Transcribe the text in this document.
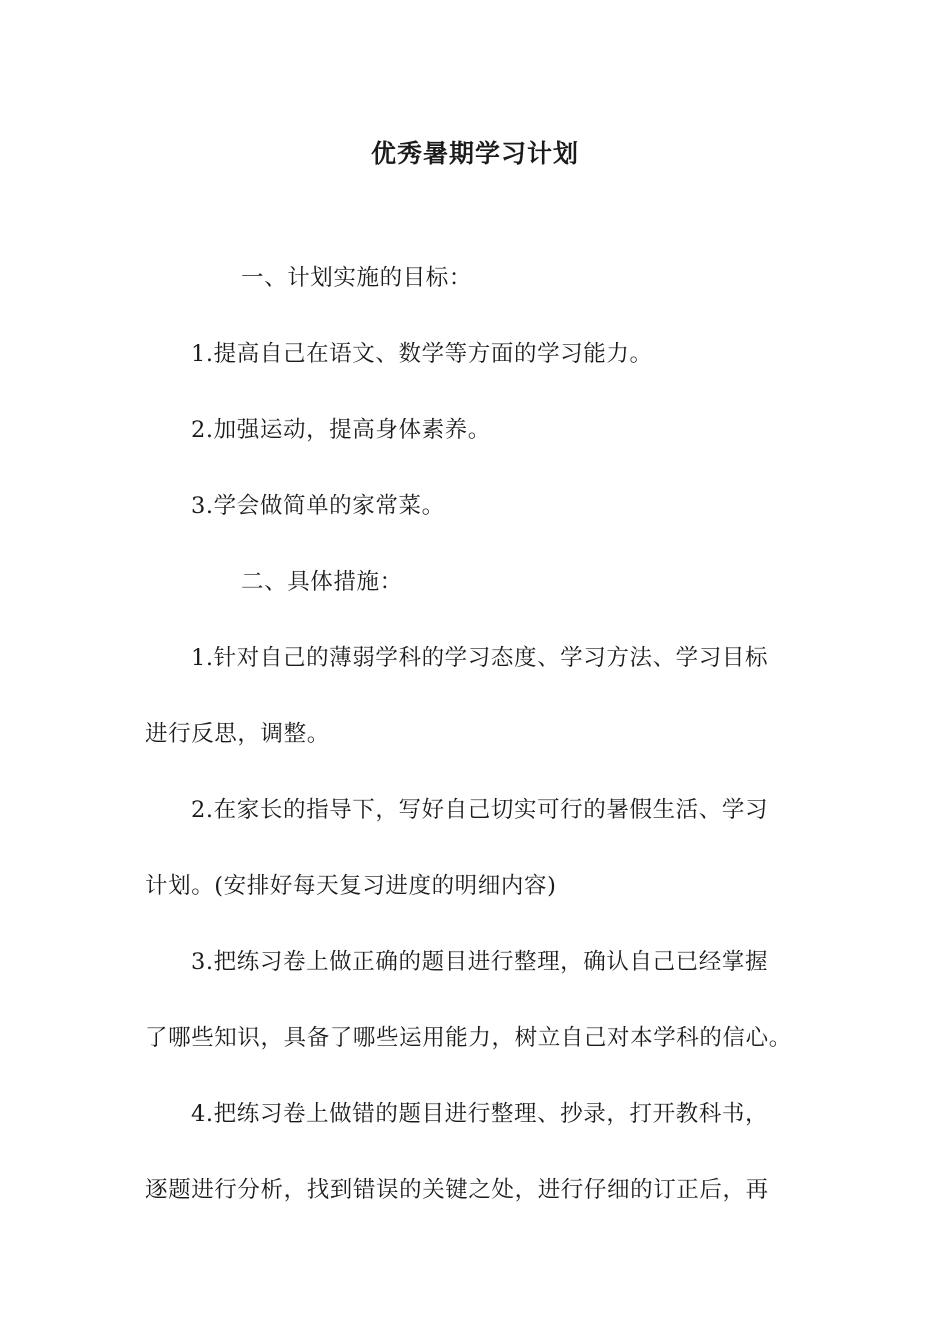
优秀暑期学习计划
一、计划实施的目标：
1.提高自己在语文、数学等方面的学习能力。
2.加强运动，提高身体素养。
3.学会做简单的家常菜。
二、具体措施：
1.针对自己的薄弱学科的学习态度、学习方法、学习目标
进行反思，调整。
2.在家长的指导下，写好自己切实可行的暑假生活、学习
计划。(安排好每天复习进度的明细内容)
3.把练习卷上做正确的题目进行整理，确认自己已经掌握
了哪些知识，具备了哪些运用能力，树立自己对本学科的信心。
4.把练习卷上做错的题目进行整理、抄录，打开教科书，
逐题进行分析，找到错误的关键之处，进行仔细的订正后，再
